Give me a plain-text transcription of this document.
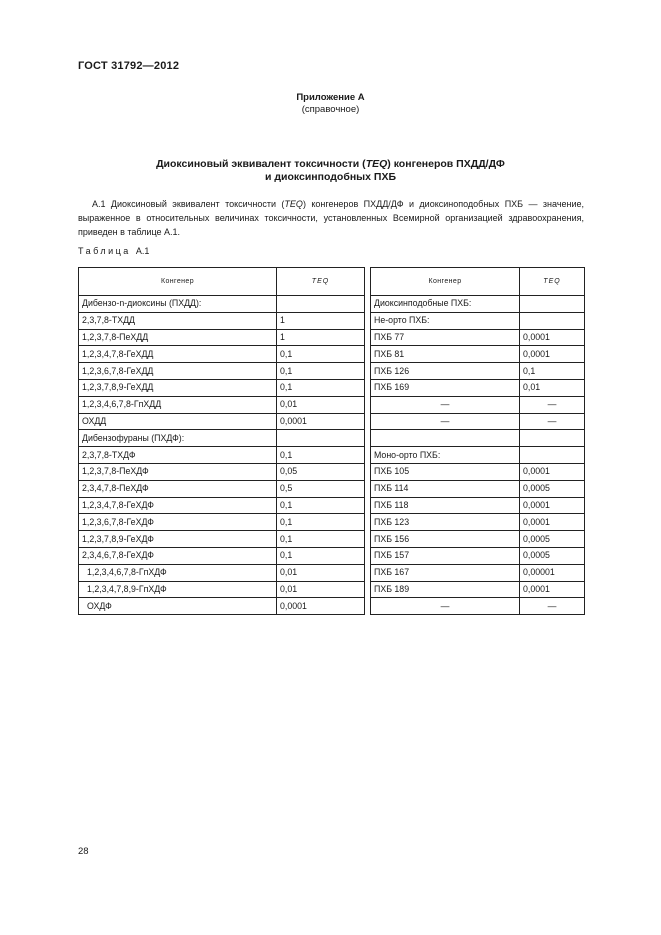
ГОСТ 31792—2012
Приложение А
(справочное)
Диоксиновый эквивалент токсичности (TEQ) конгенеров ПХДД/ДФ
и диоксинподобных ПХБ
А.1 Диоксиновый эквивалент токсичности (TEQ) конгенеров ПХДД/ДФ и диоксиноподобных ПХБ — значение, выраженное в относительных величинах токсичности, установленных Всемирной организацией здравоохранения, приведен в таблице А.1.
Таблица А.1
Конгенер	TEQ		Конгенер	TEQ
Дибензо-n-диоксины (ПХДД):			Диоксинподобные ПХБ:	
2,3,7,8-ТХДД	1		Не-орто ПХБ:	
1,2,3,7,8-ПеХДД	1		ПХБ 77	0,0001
1,2,3,4,7,8-ГеХДД	0,1		ПХБ 81	0,0001
1,2,3,6,7,8-ГеХДД	0,1		ПХБ 126	0,1
1,2,3,7,8,9-ГеХДД	0,1		ПХБ 169	0,01
1,2,3,4,6,7,8-ГпХДД	0,01		—	—
ОХДД	0,0001		—	—
Дибензофураны (ПХДФ):				
2,3,7,8-ТХДФ	0,1		Моно-орто ПХБ:	
1,2,3,7,8-ПеХДФ	0,05		ПХБ 105	0,0001
2,3,4,7,8-ПеХДФ	0,5		ПХБ 114	0,0005
1,2,3,4,7,8-ГеХДФ	0,1		ПХБ 118	0,0001
1,2,3,6,7,8-ГеХДФ	0,1		ПХБ 123	0,0001
1,2,3,7,8,9-ГеХДФ	0,1		ПХБ 156	0,0005
2,3,4,6,7,8-ГеХДФ	0,1		ПХБ 157	0,0005
1,2,3,4,6,7,8-ГпХДФ	0,01		ПХБ 167	0,00001
1,2,3,4,7,8,9-ГпХДФ	0,01		ПХБ 189	0,0001
ОХДФ	0,0001		—	—
28
